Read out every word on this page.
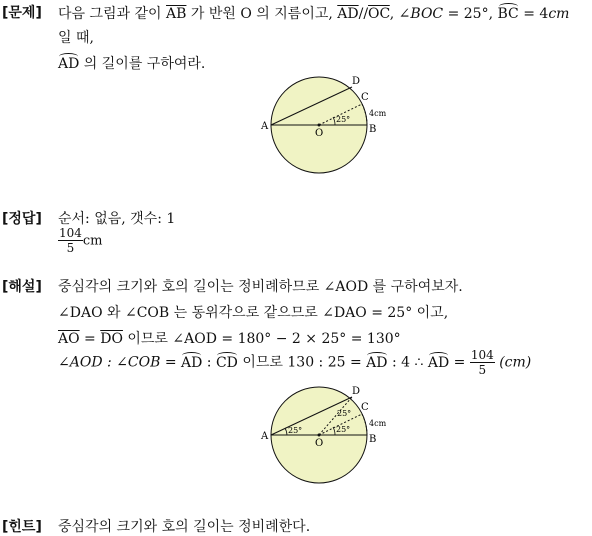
[문제] 다음 그림과 같이 $\overline{AB}$ 가 반원 O 의 지름이고, $\overline{AD}//\overline{OC}$, ∠BOC = 25°, BC = 4cm
일 때,
AD 의 길이를 구하여라.
A	B
O
C
D
25°
4cm
[정답] 순서: 없음, 갯수: 1
$\frac{104}{5}$ cm
[해설] 중심각의 크기와 호의 길이는 정비례하므로 ∠AOD 를 구하여보자.
∠DAO 와 ∠COB 는 동위각으로 같으므로 ∠DAO = 25° 이고,
$\overline{AO} = \overline{DO}$ 이므로 ∠AOD = 180° − 2 × 25° = 130°
∠AOD : ∠COB = AD : CD 이므로 130 : 25 = AD : 4 ∴ AD = $\frac{104}{5} (cm)$
A	B
O
C
D
25°
25°
25°
4cm
[힌트] 중심각의 크기와 호의 길이는 정비례한다.
